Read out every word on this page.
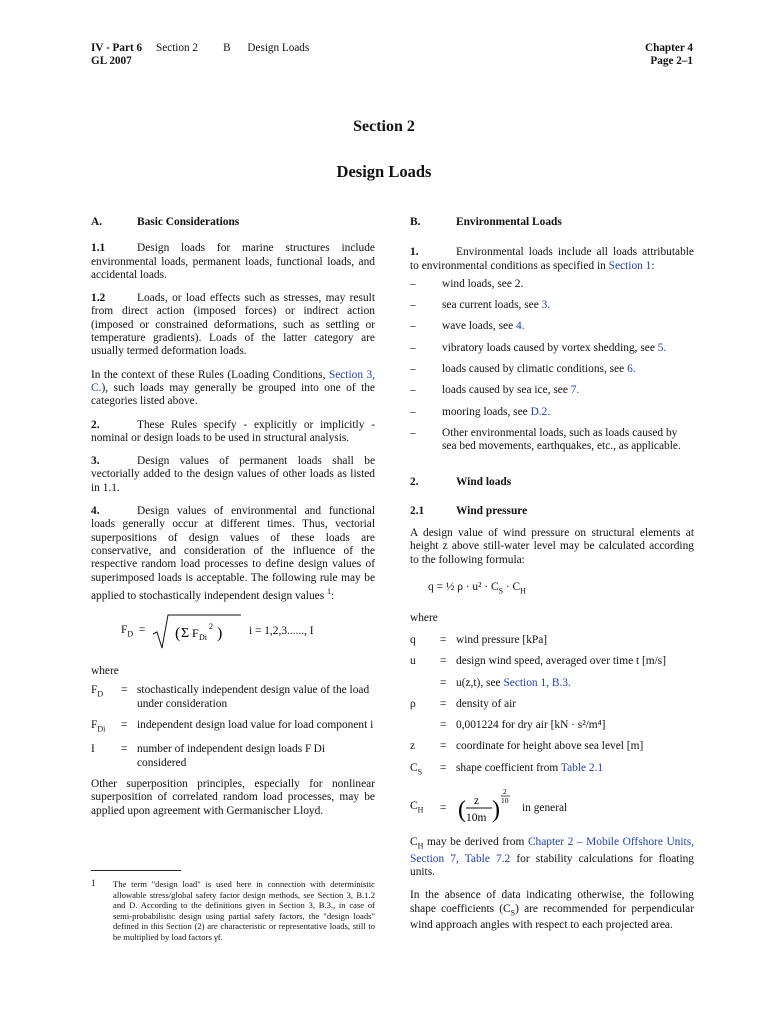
IV - Part 6 Section 2 B Design Loads
GL 2007
Chapter 4
Page 2–1
Section 2
Design Loads
A.	Basic Considerations

1.1	Design loads for marine structures include environmental loads, permanent loads, functional loads, and accidental loads.

1.2	Loads, or load effects such as stresses, may result from direct action (imposed forces) or indirect action (imposed or constrained deformations, such as settling or temperature gradients). Loads of the latter category are usually termed deformation loads.

In the context of these Rules (Loading Conditions, Section 3, C.), such loads may generally be grouped into one of the categories listed above.

2.	These Rules specify - explicitly or implicitly - nominal or design loads to be used in structural analysis.

3.	Design values of permanent loads shall be vectorially added to the design values of other loads as listed in 1.1.

4.	Design values of environmental and functional loads generally occur at different times. Thus, vectorial superpositions of design values of these loads are conservative, and consideration of the influence of the respective random load processes to define design values of superimposed loads is acceptable. The following rule may be applied to stochastically independent design values $^1$:

$F_D$  = ( Σ F Di
2 ) i = 1,2,3......, I
where
$F_D$	= stochastically independent design value of the load under consideration
$F_{Di}$	= independent design load value for load component i
I	= number of independent design loads F Di considered

Other superposition principles, especially for nonlinear superposition of correlated random load processes, may be applied upon agreement with Germanischer Lloyd.

1	The term "design load" is used here in connection with deterministic allowable stress/global safety factor design methods, see Section 3, B.1.2 and D. According to the definitions given in Section 3, B.3., in case of semi-probabilistic design using partial safety factors, the "design loads" defined in this Section (2) are characteristic or representative loads, still to be multiplied by load factors γf.
B.	Environmental Loads

1.	Environmental loads include all loads attributable to environmental conditions as specified in Section 1:

–	wind loads, see 2.
–	sea current loads, see 3.
–	wave loads, see 4.
–	vibratory loads caused by vortex shedding, see 5.
–	loads caused by climatic conditions, see 6.
–	loads caused by sea ice, see 7.
–	mooring loads, see D.2.
–	Other environmental loads, such as loads caused by sea bed movements, earthquakes, etc., as applicable.
2.	Wind loads
2.1	Wind pressure

A design value of wind pressure on structural elements at height z above still-water level may be calculated according to the following formula:

q = ½ $\rho \cdot u^2 \cdot C_S \cdot C_H$
where
q	= wind pressure [kPa]
u	= design wind speed, averaged over time t [m/s]
= u(z,t), see Section 1, B.3.
ρ	= density of air
= 0,001224 for dry air [kN · s²/m⁴]
z	= coordinate for height above sea level [m]
$C_S$	= shape coefficient from Table 2.1
$C_H$	= ( z
10m )
2
10
in general

$C_H$ may be derived from Chapter 2 – Mobile Offshore Units, Section 7, Table 7.2 for stability calculations for floating units.

In the absence of data indicating otherwise, the following shape coefficients $(C_S)$ are recommended for perpendicular wind approach angles with respect to each projected area.
